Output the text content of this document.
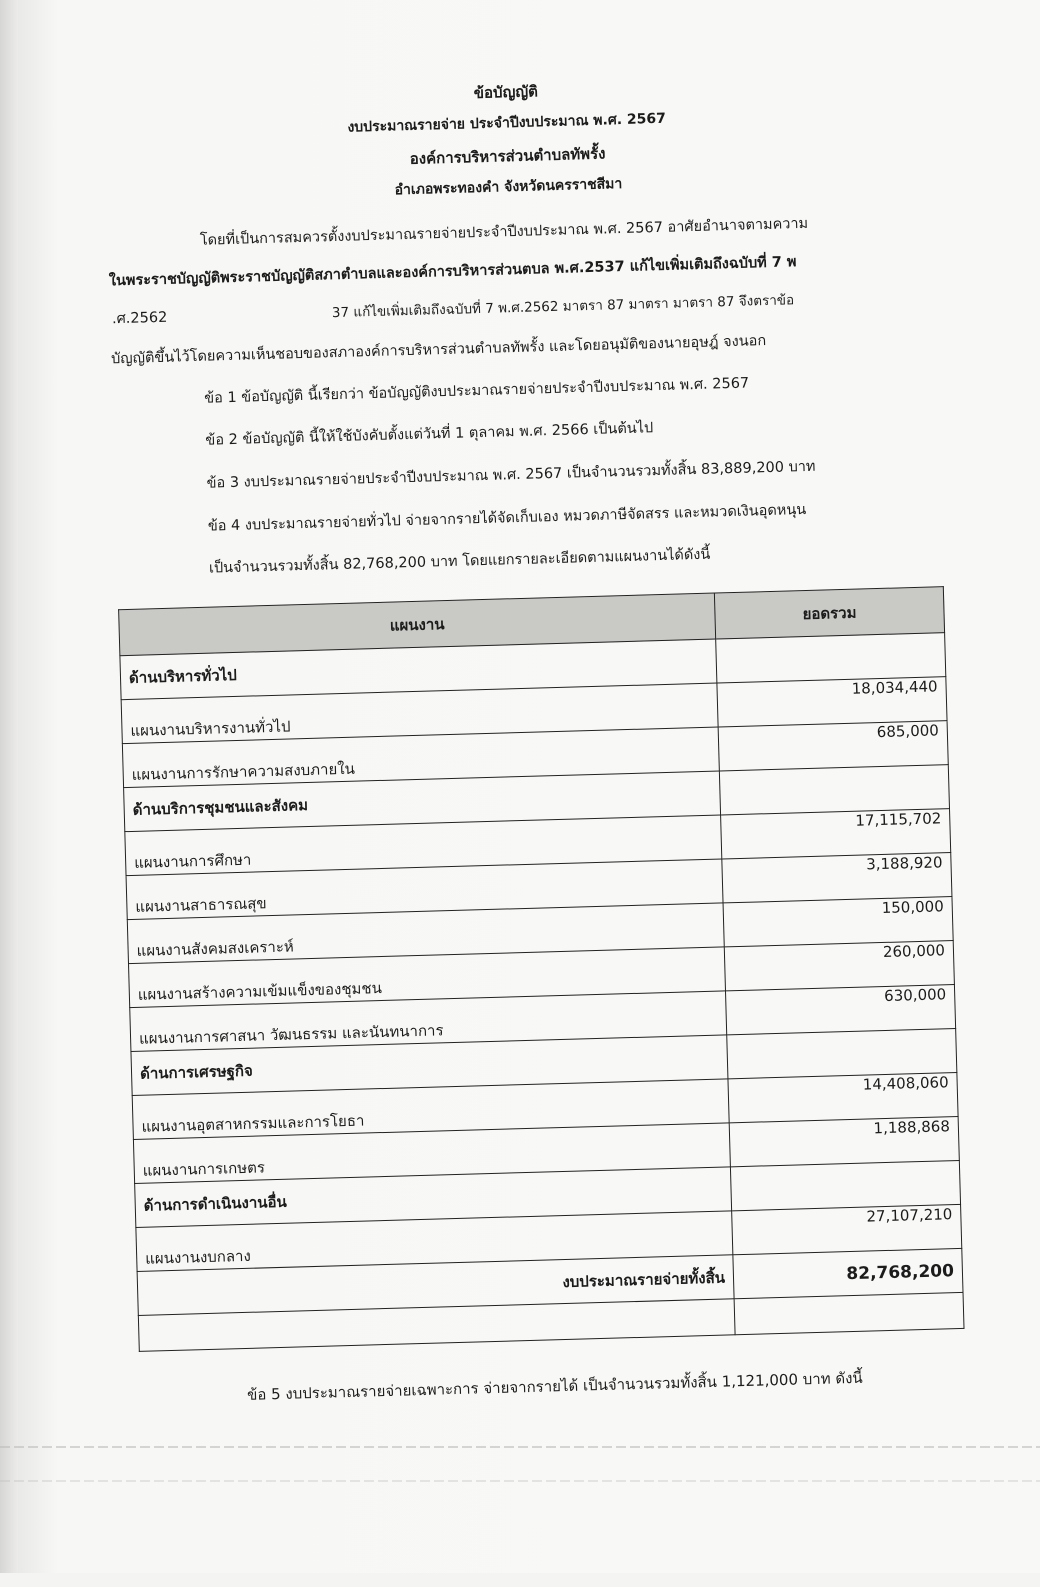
ข้อบัญญัติ
งบประมาณรายจ่าย ประจำปีงบประมาณ พ.ศ. 2567
องค์การบริหารส่วนตำบลทัพรั้ง
อำเภอพระทองคำ จังหวัดนครราชสีมา
โดยที่เป็นการสมควรตั้งงบประมาณรายจ่ายประจำปีงบประมาณ พ.ศ. 2567 อาศัยอำนาจตามความ
ในพระราชบัญญัติพระราชบัญญัติสภาตำบลและองค์การบริหารส่วนตบล พ.ศ.2537 แก้ไขเพิ่มเติมถึงฉบับที่ 7 พ
.ศ.2562	37 แก้ไขเพิ่มเติมถึงฉบับที่ 7 พ.ศ.2562 มาตรา 87 มาตรา มาตรา 87 จึงตราข้อ
บัญญัติขึ้นไว้โดยความเห็นชอบของสภาองค์การบริหารส่วนตำบลทัพรั้ง และโดยอนุมัติของนายอุษฎ์ จงนอก
ข้อ 1 ข้อบัญญัติ นี้เรียกว่า ข้อบัญญัติงบประมาณรายจ่ายประจำปีงบประมาณ พ.ศ. 2567
ข้อ 2 ข้อบัญญัติ นี้ให้ใช้บังคับตั้งแต่วันที่ 1 ตุลาคม พ.ศ. 2566 เป็นต้นไป
ข้อ 3 งบประมาณรายจ่ายประจำปีงบประมาณ พ.ศ. 2567 เป็นจำนวนรวมทั้งสิ้น 83,889,200 บาท
ข้อ 4 งบประมาณรายจ่ายทั่วไป จ่ายจากรายได้จัดเก็บเอง หมวดภาษีจัดสรร และหมวดเงินอุดหนุน
เป็นจำนวนรวมทั้งสิ้น 82,768,200 บาท โดยแยกรายละเอียดตามแผนงานได้ดังนี้
แผนงาน	ยอดรวม
ด้านบริหารทั่วไป	
แผนงานบริหารงานทั่วไป	18,034,440
แผนงานการรักษาความสงบภายใน	685,000
ด้านบริการชุมชนและสังคม	
แผนงานการศึกษา	17,115,702
แผนงานสาธารณสุข	3,188,920
แผนงานสังคมสงเคราะห์	150,000
แผนงานสร้างความเข้มแข็งของชุมชน	260,000
แผนงานการศาสนา วัฒนธรรม และนันทนาการ	630,000
ด้านการเศรษฐกิจ	
แผนงานอุตสาหกรรมและการโยธา	14,408,060
แผนงานการเกษตร	1,188,868
ด้านการดำเนินงานอื่น	
แผนงานงบกลาง	27,107,210
งบประมาณรายจ่ายทั้งสิ้น	82,768,200

ข้อ 5 งบประมาณรายจ่ายเฉพาะการ จ่ายจากรายได้ เป็นจำนวนรวมทั้งสิ้น 1,121,000 บาท ดังนี้
